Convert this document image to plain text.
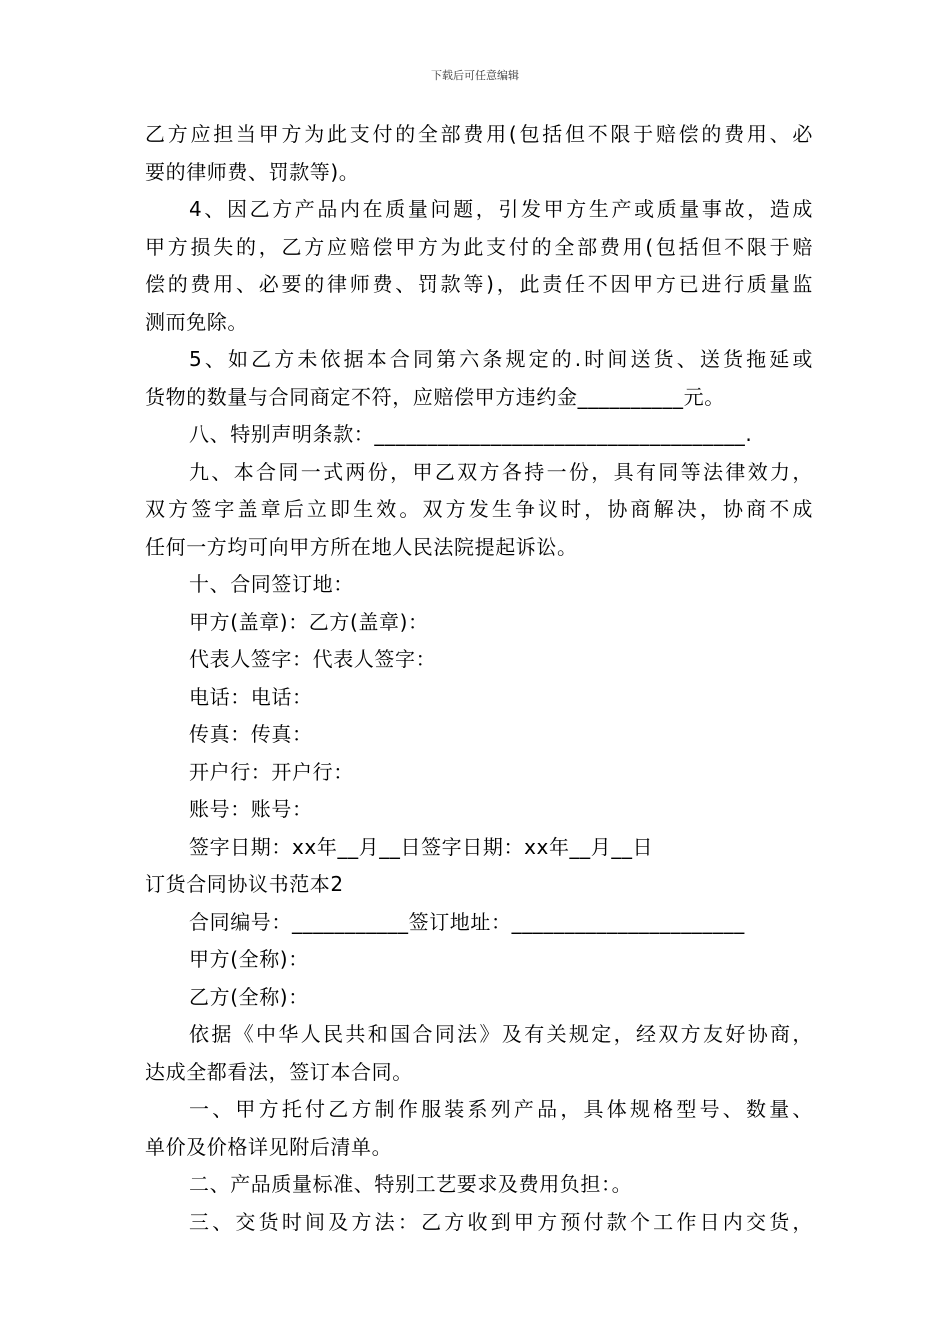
下载后可任意编辑
乙方应担当甲方为此支付的全部费用(包括但不限于赔偿的费用、必
要的律师费、罚款等)。
4、因乙方产品内在质量问题，引发甲方生产或质量事故，造成
甲方损失的，乙方应赔偿甲方为此支付的全部费用(包括但不限于赔
偿的费用、必要的律师费、罚款等)，此责任不因甲方已进行质量监
测而免除。
5、如乙方未依据本合同第六条规定的.时间送货、送货拖延或
货物的数量与合同商定不符，应赔偿甲方违约金__________元。
八、特别声明条款：___________________________________.
九、本合同一式两份，甲乙双方各持一份，具有同等法律效力，
双方签字盖章后立即生效。双方发生争议时，协商解决，协商不成
任何一方均可向甲方所在地人民法院提起诉讼。
十、合同签订地：
甲方(盖章)：乙方(盖章)：
代表人签字：代表人签字：
电话：电话：
传真：传真：
开户行：开户行：
账号：账号：
签字日期：xx年__月__日签字日期：xx年__月__日
订货合同协议书范本2
合同编号：___________签订地址：______________________
甲方(全称)：
乙方(全称)：
依据《中华人民共和国合同法》及有关规定，经双方友好协商，
达成全都看法，签订本合同。
一、甲方托付乙方制作服装系列产品，具体规格型号、数量、
单价及价格详见附后清单。
二、产品质量标准、特别工艺要求及费用负担：。
三、交货时间及方法：乙方收到甲方预付款个工作日内交货，
